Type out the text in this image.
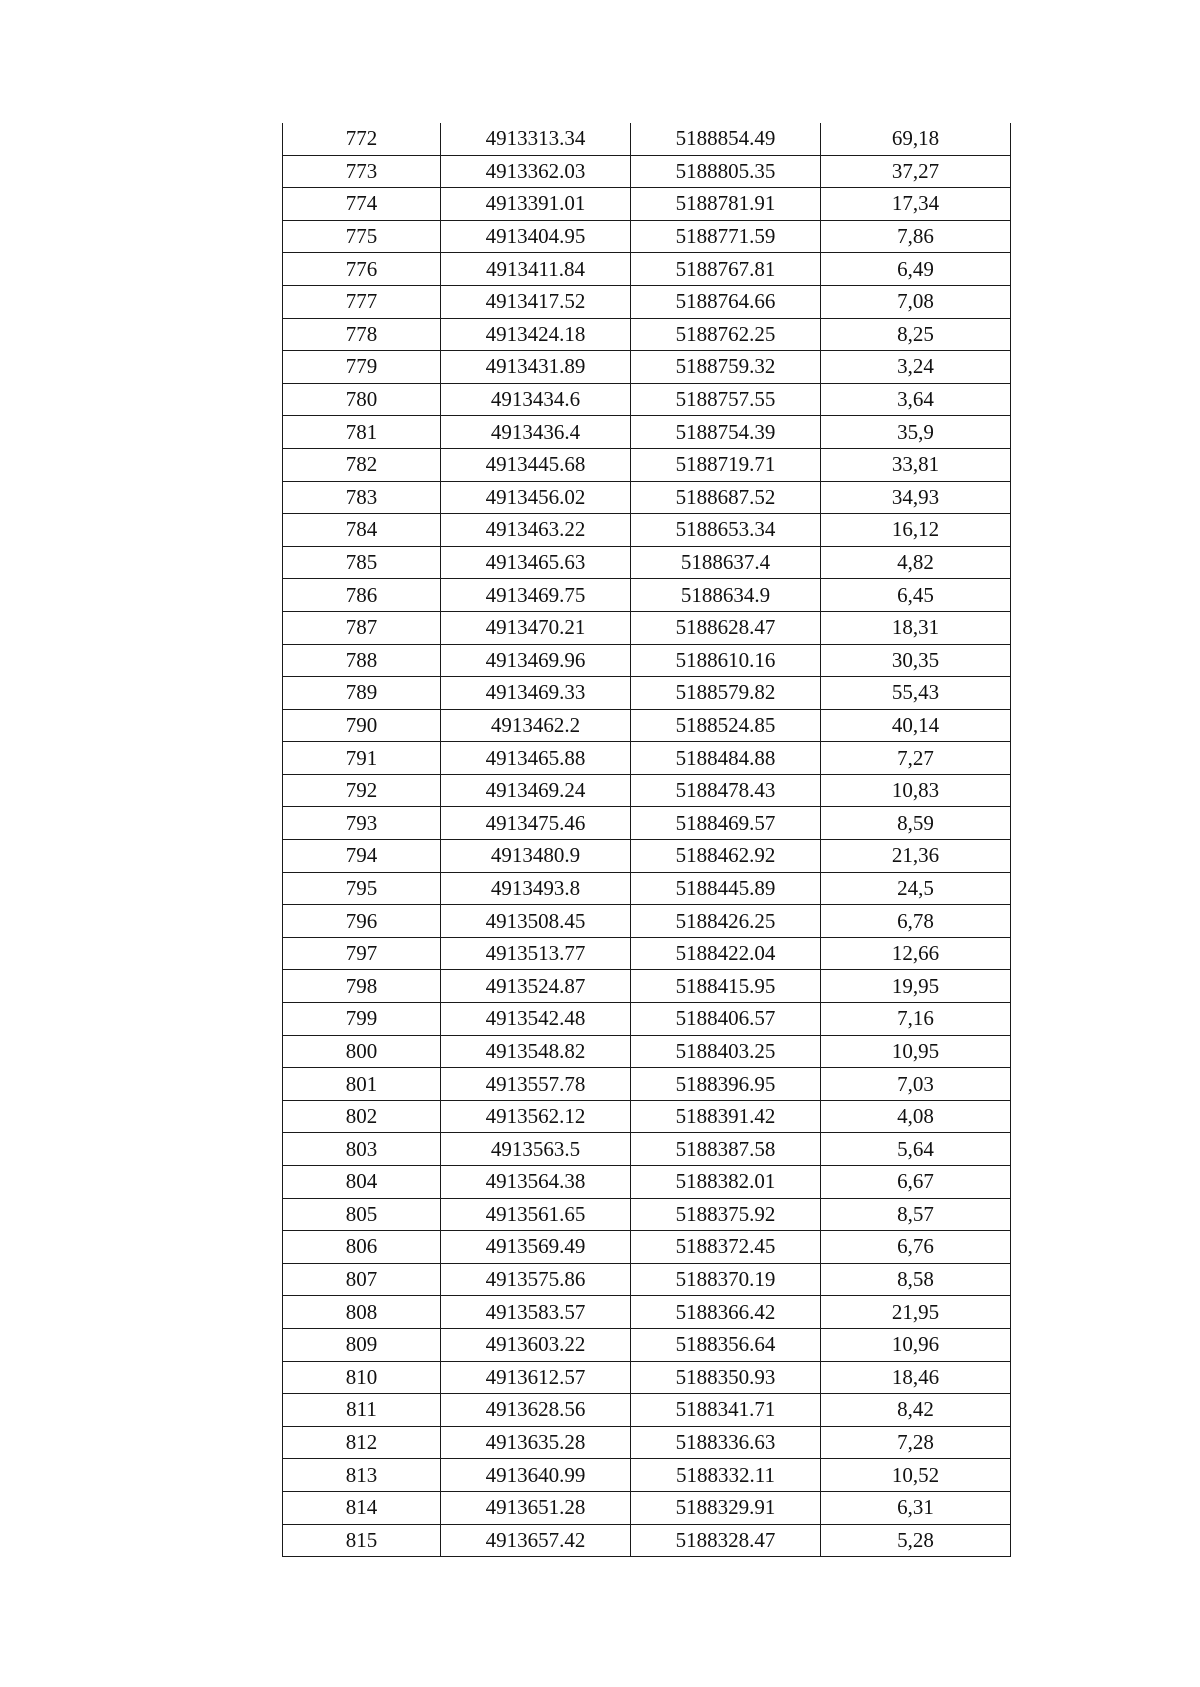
772	4913313.34	5188854.49	69,18
773	4913362.03	5188805.35	37,27
774	4913391.01	5188781.91	17,34
775	4913404.95	5188771.59	7,86
776	4913411.84	5188767.81	6,49
777	4913417.52	5188764.66	7,08
778	4913424.18	5188762.25	8,25
779	4913431.89	5188759.32	3,24
780	4913434.6	5188757.55	3,64
781	4913436.4	5188754.39	35,9
782	4913445.68	5188719.71	33,81
783	4913456.02	5188687.52	34,93
784	4913463.22	5188653.34	16,12
785	4913465.63	5188637.4	4,82
786	4913469.75	5188634.9	6,45
787	4913470.21	5188628.47	18,31
788	4913469.96	5188610.16	30,35
789	4913469.33	5188579.82	55,43
790	4913462.2	5188524.85	40,14
791	4913465.88	5188484.88	7,27
792	4913469.24	5188478.43	10,83
793	4913475.46	5188469.57	8,59
794	4913480.9	5188462.92	21,36
795	4913493.8	5188445.89	24,5
796	4913508.45	5188426.25	6,78
797	4913513.77	5188422.04	12,66
798	4913524.87	5188415.95	19,95
799	4913542.48	5188406.57	7,16
800	4913548.82	5188403.25	10,95
801	4913557.78	5188396.95	7,03
802	4913562.12	5188391.42	4,08
803	4913563.5	5188387.58	5,64
804	4913564.38	5188382.01	6,67
805	4913561.65	5188375.92	8,57
806	4913569.49	5188372.45	6,76
807	4913575.86	5188370.19	8,58
808	4913583.57	5188366.42	21,95
809	4913603.22	5188356.64	10,96
810	4913612.57	5188350.93	18,46
811	4913628.56	5188341.71	8,42
812	4913635.28	5188336.63	7,28
813	4913640.99	5188332.11	10,52
814	4913651.28	5188329.91	6,31
815	4913657.42	5188328.47	5,28
